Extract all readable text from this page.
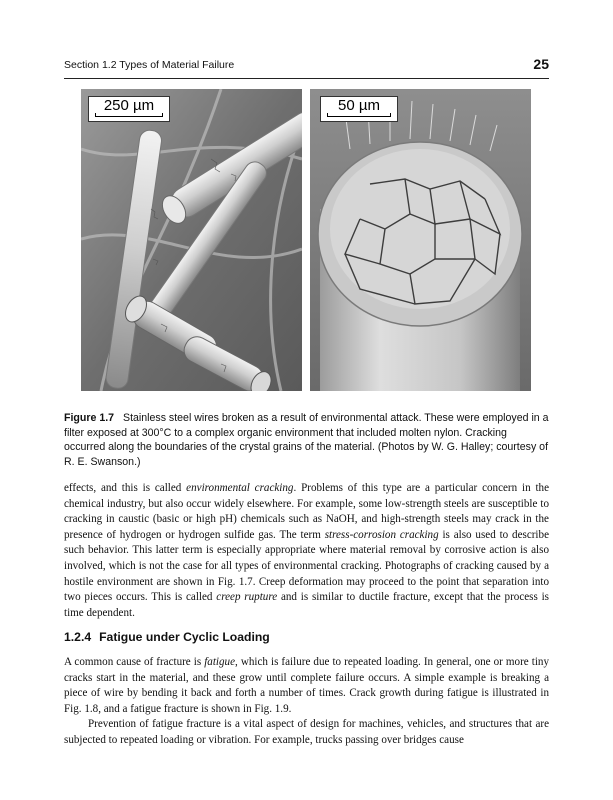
Section 1.2 Types of Material Failure	25
250 µm	50 µm
Figure 1.7 Stainless steel wires broken as a result of environmental attack. These were employed in a filter exposed at 300°C to a complex organic environment that included molten nylon. Cracking occurred along the boundaries of the crystal grains of the material. (Photos by W. G. Halley; courtesy of R. E. Swanson.)

effects, and this is called environmental cracking. Problems of this type are a particular concern in the chemical industry, but also occur widely elsewhere. For example, some low-strength steels are susceptible to cracking in caustic (basic or high pH) chemicals such as NaOH, and high-strength steels may crack in the presence of hydrogen or hydrogen sulfide gas. The term stress-corrosion cracking is also used to describe such behavior. This latter term is especially appropriate where material removal by corrosive action is also involved, which is not the case for all types of environmental cracking. Photographs of cracking caused by a hostile environment are shown in Fig. 1.7. Creep deformation may proceed to the point that separation into two pieces occurs. This is called creep rupture and is similar to ductile fracture, except that the process is time dependent.

1.2.4 Fatigue under Cyclic Loading

A common cause of fracture is fatigue, which is failure due to repeated loading. In general, one or more tiny cracks start in the material, and these grow until complete failure occurs. A simple example is breaking a piece of wire by bending it back and forth a number of times. Crack growth during fatigue is illustrated in Fig. 1.8, and a fatigue fracture is shown in Fig. 1.9.

Prevention of fatigue fracture is a vital aspect of design for machines, vehicles, and structures that are subjected to repeated loading or vibration. For example, trucks passing over bridges cause
